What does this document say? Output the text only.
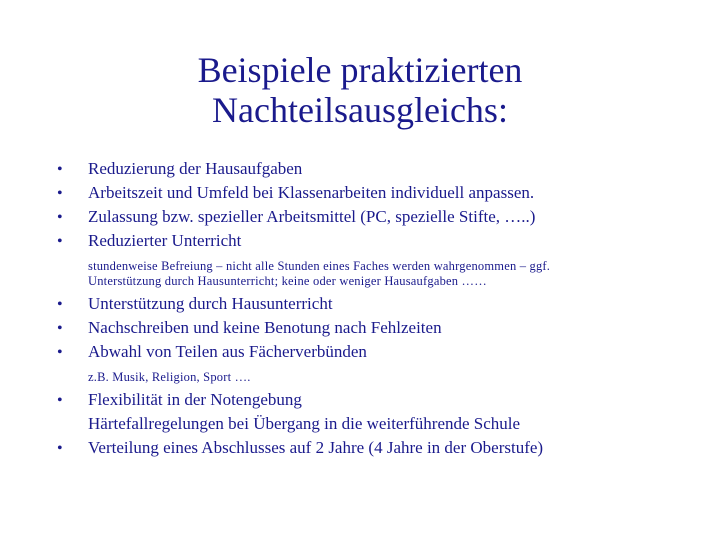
Beispiele praktizierten
Nachteilsausgleichs:
• Reduzierung der Hausaufgaben
• Arbeitszeit und Umfeld bei Klassenarbeiten individuell anpassen.
• Zulassung bzw. spezieller Arbeitsmittel (PC, spezielle Stifte, …..)
• Reduzierter Unterricht
stundenweise Befreiung – nicht alle Stunden eines Faches werden wahrgenommen – ggf.
Unterstützung durch Hausunterricht; keine oder weniger Hausaufgaben ……
• Unterstützung durch Hausunterricht
• Nachschreiben und keine Benotung nach Fehlzeiten
• Abwahl von Teilen aus Fächerverbünden
z.B. Musik, Religion, Sport ….
• Flexibilität in der Notengebung
Härtefallregelungen bei Übergang in die weiterführende Schule
• Verteilung eines Abschlusses auf 2 Jahre (4 Jahre in der Oberstufe)
